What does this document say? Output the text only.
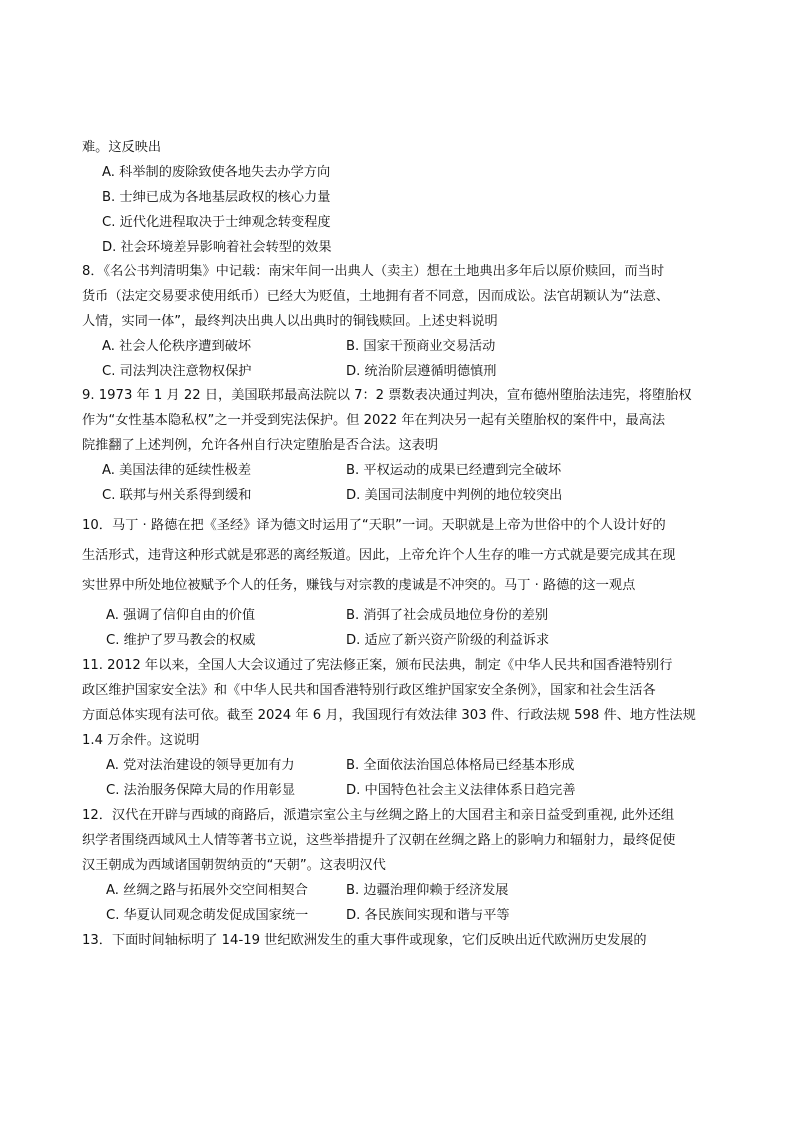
难。这反映出
A. 科举制的废除致使各地失去办学方向
B. 士绅已成为各地基层政权的核心力量
C. 近代化进程取决于士绅观念转变程度
D. 社会环境差异影响着社会转型的效果
8．《名公书判清明集》中记载：南宋年间一出典人（卖主）想在土地典出多年后以原价赎回，而当时
货币（法定交易要求使用纸币）已经大为贬值，土地拥有者不同意，因而成讼。法官胡颖认为“法意、
人情，实同一体”，最终判决出典人以出典时的铜钱赎回。上述史料说明
A. 社会人伦秩序遭到破坏	B. 国家干预商业交易活动
C. 司法判决注意物权保护	D. 统治阶层遵循明德慎刑
9. 1973 年 1 月 22 日，美国联邦最高法院以 7：2 票数表决通过判决，宣布德州堕胎法违宪，将堕胎权
作为“女性基本隐私权”之一并受到宪法保护。但 2022 年在判决另一起有关堕胎权的案件中，最高法
院推翻了上述判例，允许各州自行决定堕胎是否合法。这表明
A. 美国法律的延续性极差	B. 平权运动的成果已经遭到完全破坏
C. 联邦与州关系得到缓和	D. 美国司法制度中判例的地位较突出
10．马丁 · 路德在把《圣经》译为德文时运用了“天职”一词。天职就是上帝为世俗中的个人设计好的
生活形式，违背这种形式就是邪恶的离经叛道。因此，上帝允许个人生存的唯一方式就是要完成其在现
实世界中所处地位被赋予个人的任务，赚钱与对宗教的虔诚是不冲突的。马丁 · 路德的这一观点
A. 强调了信仰自由的价值	B. 消弭了社会成员地位身份的差别
C. 维护了罗马教会的权威	D. 适应了新兴资产阶级的利益诉求
11. 2012 年以来，全国人大会议通过了宪法修正案，颁布民法典，制定《中华人民共和国香港特别行
政区维护国家安全法》和《中华人民共和国香港特别行政区维护国家安全条例》，国家和社会生活各
方面总体实现有法可依。截至 2024 年 6 月，我国现行有效法律 303 件、行政法规 598 件、地方性法规
1.4 万余件。这说明
A. 党对法治建设的领导更加有力	B. 全面依法治国总体格局已经基本形成
C. 法治服务保障大局的作用彰显	D. 中国特色社会主义法律体系日趋完善
12．汉代在开辟与西域的商路后，派遣宗室公主与丝绸之路上的大国君主和亲日益受到重视, 此外还组
织学者围绕西域风土人情等著书立说，这些举措提升了汉朝在丝绸之路上的影响力和辐射力，最终促使
汉王朝成为西域诸国朝贺纳贡的“天朝”。这表明汉代
A. 丝绸之路与拓展外交空间相契合	B. 边疆治理仰赖于经济发展
C. 华夏认同观念萌发促成国家统一	D. 各民族间实现和谐与平等
13．下面时间轴标明了 14-19 世纪欧洲发生的重大事件或现象，它们反映出近代欧洲历史发展的
